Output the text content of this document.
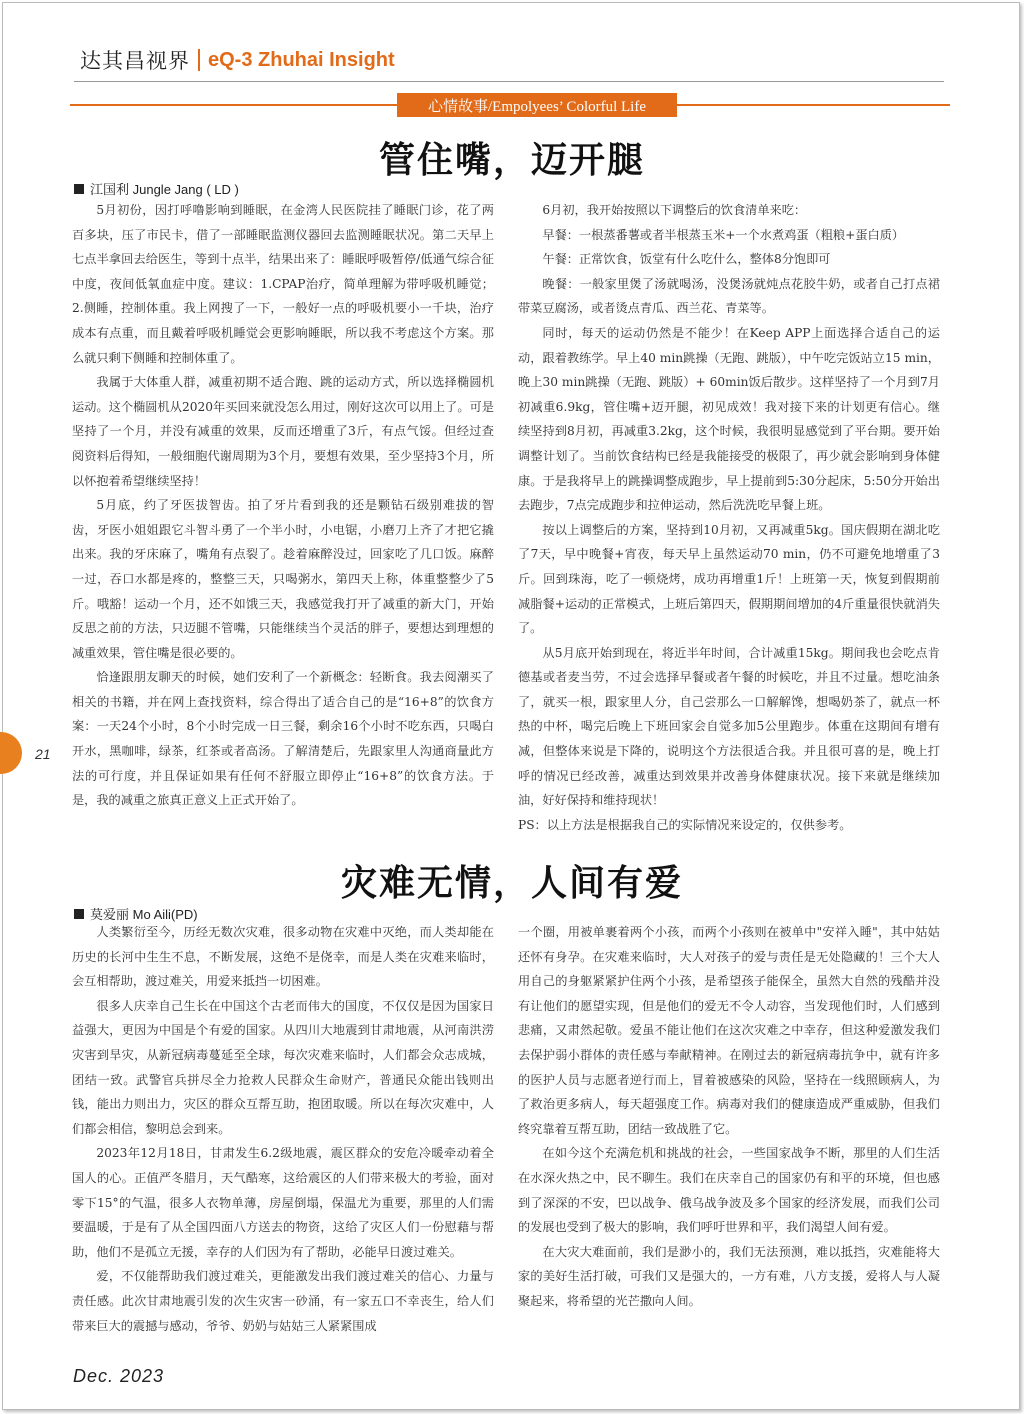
达其昌视界 eQ-3 Zhuhai Insight
心情故事/Empolyees’ Colorful Life
管住嘴，迈开腿
江国利 Jungle Jang ( LD )

5月初份，因打呼噜影响到睡眠，在金湾人民医院挂了睡眠门诊，花了两百多块，压了市民卡，借了一部睡眠监测仪器回去监测睡眠状况。第二天早上七点半拿回去给医生，等到十点半，结果出来了：睡眠呼吸暂停/低通气综合征中度，夜间低氧血症中度。建议：1.CPAP治疗，简单理解为带呼吸机睡觉；2.侧睡，控制体重。我上网搜了一下，一般好一点的呼吸机要小一千块，治疗成本有点重，而且戴着呼吸机睡觉会更影响睡眠，所以我不考虑这个方案。那么就只剩下侧睡和控制体重了。

我属于大体重人群，减重初期不适合跑、跳的运动方式，所以选择椭圆机运动。这个椭圆机从2020年买回来就没怎么用过，刚好这次可以用上了。可是坚持了一个月，并没有减重的效果，反而还增重了3斤，有点气馁。但经过查阅资料后得知，一般细胞代谢周期为3个月，要想有效果，至少坚持3个月，所以怀抱着希望继续坚持！

5月底，约了牙医拔智齿。拍了牙片看到我的还是颗钻石级别难拔的智齿，牙医小姐姐跟它斗智斗勇了一个半小时，小电锯，小磨刀上齐了才把它撬出来。我的牙床麻了，嘴角有点裂了。趁着麻醉没过，回家吃了几口饭。麻醉一过，吞口水都是疼的，整整三天，只喝粥水，第四天上称，体重整整少了5斤。哦豁！运动一个月，还不如饿三天，我感觉我打开了减重的新大门，开始反思之前的方法，只迈腿不管嘴，只能继续当个灵活的胖子，要想达到理想的减重效果，管住嘴是很必要的。

恰逢跟朋友聊天的时候，她们安利了一个新概念：轻断食。我去阅潮买了相关的书籍，并在网上查找资料，综合得出了适合自己的是“16+8”的饮食方案：一天24个小时，8个小时完成一日三餐，剩余16个小时不吃东西，只喝白开水，黑咖啡，绿茶，红茶或者高汤。了解清楚后，先跟家里人沟通商量此方法的可行度，并且保证如果有任何不舒服立即停止“16+8”的饮食方法。于是，我的减重之旅真正意义上正式开始了。

6月初，我开始按照以下调整后的饮食清单来吃：

早餐：一根蒸番薯或者半根蒸玉米+一个水煮鸡蛋（粗粮+蛋白质）

午餐：正常饮食，饭堂有什么吃什么，整体8分饱即可

晚餐：一般家里煲了汤就喝汤，没煲汤就炖点花胶牛奶，或者自己打点裙带菜豆腐汤，或者烫点青瓜、西兰花、青菜等。

同时，每天的运动仍然是不能少！在Keep APP上面选择合适自己的运动，跟着教练学。早上40 min跳操（无跑、跳版），中午吃完饭站立15 min，晚上30 min跳操（无跑、跳版）+ 60min饭后散步。这样坚持了一个月到7月初减重6.9kg，管住嘴+迈开腿，初见成效！我对接下来的计划更有信心。继续坚持到8月初，再减重3.2kg，这个时候，我很明显感觉到了平台期。要开始调整计划了。当前饮食结构已经是我能接受的极限了，再少就会影响到身体健康。于是我将早上的跳操调整成跑步，早上提前到5:30分起床，5:50分开始出去跑步，7点完成跑步和拉伸运动，然后洗洗吃早餐上班。

按以上调整后的方案，坚持到10月初，又再减重5kg。国庆假期在湖北吃了7天，早中晚餐+宵夜，每天早上虽然运动70 min，仍不可避免地增重了3斤。回到珠海，吃了一顿烧烤，成功再增重1斤！上班第一天，恢复到假期前减脂餐+运动的正常模式，上班后第四天，假期期间增加的4斤重量很快就消失了。

从5月底开始到现在，将近半年时间，合计减重15kg。期间我也会吃点肯德基或者麦当劳，不过会选择早餐或者午餐的时候吃，并且不过量。想吃油条了，就买一根，跟家里人分，自己尝那么一口解解馋，想喝奶茶了，就点一杯热的中杯，喝完后晚上下班回家会自觉多加5公里跑步。体重在这期间有增有减，但整体来说是下降的，说明这个方法很适合我。并且很可喜的是，晚上打呼的情况已经改善，减重达到效果并改善身体健康状况。接下来就是继续加油，好好保持和维持现状！

PS：以上方法是根据我自己的实际情况来设定的，仅供参考。

灾难无情，人间有爱
莫爱丽 Mo Aili(PD)

人类繁衍至今，历经无数次灾难，很多动物在灾难中灭绝，而人类却能在历史的长河中生生不息，不断发展，这绝不是侥幸，而是人类在灾难来临时，会互相帮助，渡过难关，用爱来抵挡一切困难。

很多人庆幸自己生长在中国这个古老而伟大的国度，不仅仅是因为国家日益强大，更因为中国是个有爱的国家。从四川大地震到甘肃地震，从河南洪涝灾害到旱灾，从新冠病毒蔓延至全球，每次灾难来临时，人们都会众志成城，团结一致。武警官兵拼尽全力抢救人民群众生命财产，普通民众能出钱则出钱，能出力则出力，灾区的群众互帮互助，抱团取暖。所以在每次灾难中，人们都会相信，黎明总会到来。

2023年12月18日，甘肃发生6.2级地震，震区群众的安危冷暖牵动着全国人的心。正值严冬腊月，天气酷寒，这给震区的人们带来极大的考验，面对零下15°的气温，很多人衣物单薄，房屋倒塌，保温尤为重要，那里的人们需要温暖，于是有了从全国四面八方送去的物资，这给了灾区人们一份慰藉与帮助，他们不是孤立无援，幸存的人们因为有了帮助，必能早日渡过难关。

爱，不仅能帮助我们渡过难关，更能激发出我们渡过难关的信心、力量与责任感。此次甘肃地震引发的次生灾害一砂涌，有一家五口不幸丧生，给人们带来巨大的震撼与感动，爷爷、奶奶与姑姑三人紧紧围成

一个圈，用被单裹着两个小孩，而两个小孩则在被单中"安祥入睡"，其中姑姑还怀有身孕。在灾难来临时，大人对孩子的爱与责任是无处隐藏的！三个大人用自己的身躯紧紧护住两个小孩，是希望孩子能保全，虽然大自然的残酷并没有让他们的愿望实现，但是他们的爱无不令人动容，当发现他们时，人们感到悲痛，又肃然起敬。爱虽不能让他们在这次灾难之中幸存，但这种爱激发我们去保护弱小群体的责任感与奉献精神。在刚过去的新冠病毒抗争中，就有许多的医护人员与志愿者逆行而上，冒着被感染的风险，坚持在一线照顾病人，为了救治更多病人，每天超强度工作。病毒对我们的健康造成严重威胁，但我们终究靠着互帮互助，团结一致战胜了它。

在如今这个充满危机和挑战的社会，一些国家战争不断，那里的人们生活在水深火热之中，民不聊生。我们在庆幸自己的国家仍有和平的环境，但也感到了深深的不安，巴以战争、俄乌战争波及多个国家的经济发展，而我们公司的发展也受到了极大的影响，我们呼吁世界和平，我们渴望人间有爱。

在大灾大难面前，我们是渺小的，我们无法预测，难以抵挡，灾难能将大家的美好生活打破，可我们又是强大的，一方有难，八方支援，爱将人与人凝聚起来，将希望的光芒撒向人间。

21
Dec. 2023
